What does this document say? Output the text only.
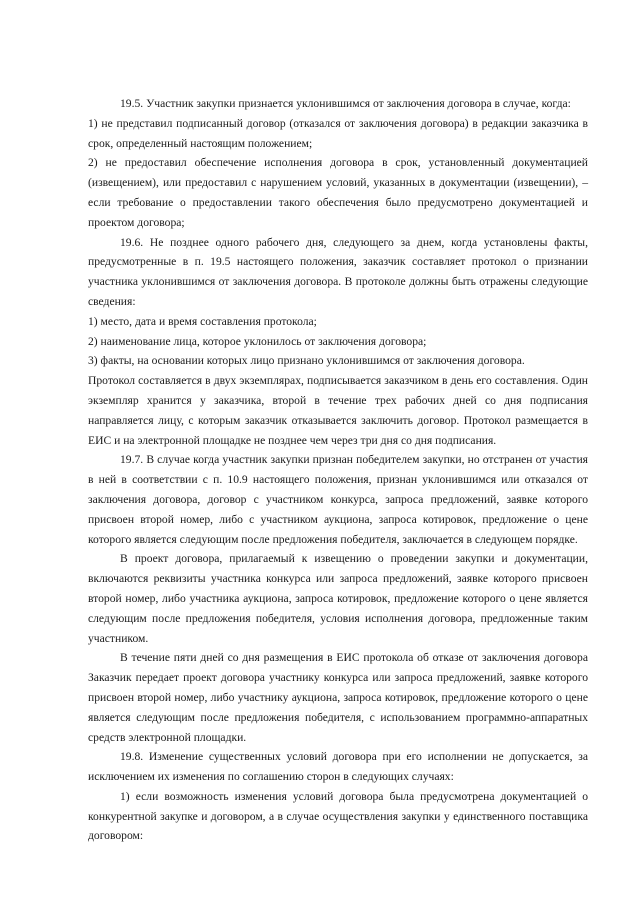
19.5. Участник закупки признается уклонившимся от заключения договора в случае, когда:

1) не представил подписанный договор (отказался от заключения договора) в редакции заказчика в срок, определенный настоящим положением;

2) не предоставил обеспечение исполнения договора в срок, установленный документацией (извещением), или предоставил с нарушением условий, указанных в документации (извещении), – если требование о предоставлении такого обеспечения было предусмотрено документацией и проектом договора;

19.6. Не позднее одного рабочего дня, следующего за днем, когда установлены факты, предусмотренные в п. 19.5 настоящего положения, заказчик составляет протокол о признании участника уклонившимся от заключения договора. В протоколе должны быть отражены следующие сведения:

1) место, дата и время составления протокола;

2) наименование лица, которое уклонилось от заключения договора;

3) факты, на основании которых лицо признано уклонившимся от заключения договора.

Протокол составляется в двух экземплярах, подписывается заказчиком в день его составления. Один экземпляр хранится у заказчика, второй в течение трех рабочих дней со дня подписания направляется лицу, с которым заказчик отказывается заключить договор. Протокол размещается в ЕИС и на электронной площадке не позднее чем через три дня со дня подписания.

19.7. В случае когда участник закупки признан победителем закупки, но отстранен от участия в ней в соответствии с п. 10.9 настоящего положения, признан уклонившимся или отказался от заключения договора, договор с участником конкурса, запроса предложений, заявке которого присвоен второй номер, либо с участником аукциона, запроса котировок, предложение о цене которого является следующим после предложения победителя, заключается в следующем порядке.

В проект договора, прилагаемый к извещению о проведении закупки и документации, включаются реквизиты участника конкурса или запроса предложений, заявке которого присвоен второй номер, либо участника аукциона, запроса котировок, предложение которого о цене является следующим после предложения победителя, условия исполнения договора, предложенные таким участником.

В течение пяти дней со дня размещения в ЕИС протокола об отказе от заключения договора Заказчик передает проект договора участнику конкурса или запроса предложений, заявке которого присвоен второй номер, либо участнику аукциона, запроса котировок, предложение которого о цене является следующим после предложения победителя, с использованием программно-аппаратных средств электронной площадки.

19.8. Изменение существенных условий договора при его исполнении не допускается, за исключением их изменения по соглашению сторон в следующих случаях:

1) если возможность изменения условий договора была предусмотрена документацией о конкурентной закупке и договором, а в случае осуществления закупки у единственного поставщика договором:
